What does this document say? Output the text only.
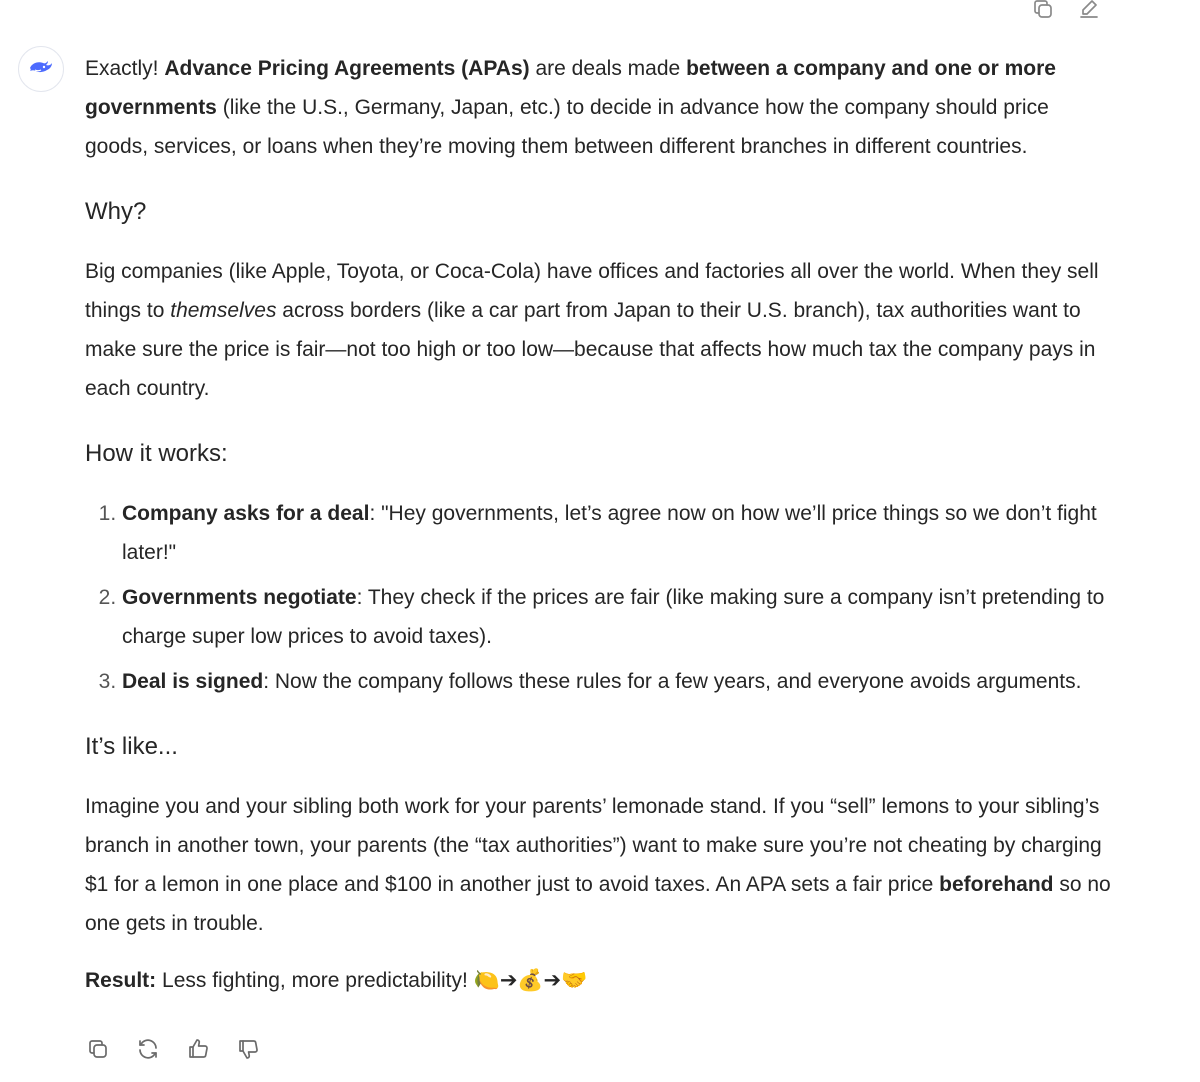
Exactly! Advance Pricing Agreements (APAs) are deals made between a company and one or more governments (like the U.S., Germany, Japan, etc.) to decide in advance how the company should price goods, services, or loans when they’re moving them between different branches in different countries.

Why?

Big companies (like Apple, Toyota, or Coca-Cola) have offices and factories all over the world. When they sell things to themselves across borders (like a car part from Japan to their U.S. branch), tax authorities want to make sure the price is fair—not too high or too low—because that affects how much tax the company pays in each country.

How it works:
1. Company asks for a deal: "Hey governments, let’s agree now on how we’ll price things so we don’t fight later!"
2. Governments negotiate: They check if the prices are fair (like making sure a company isn’t pretending to charge super low prices to avoid taxes).
3. Deal is signed: Now the company follows these rules for a few years, and everyone avoids arguments.
It’s like...

Imagine you and your sibling both work for your parents’ lemonade stand. If you “sell” lemons to your sibling’s branch in another town, your parents (the “tax authorities”) want to make sure you’re not cheating by charging $1 for a lemon in one place and $100 in another just to avoid taxes. An APA sets a fair price beforehand so no one gets in trouble.

Result: Less fighting, more predictability! 🍋➔💰➔🤝
